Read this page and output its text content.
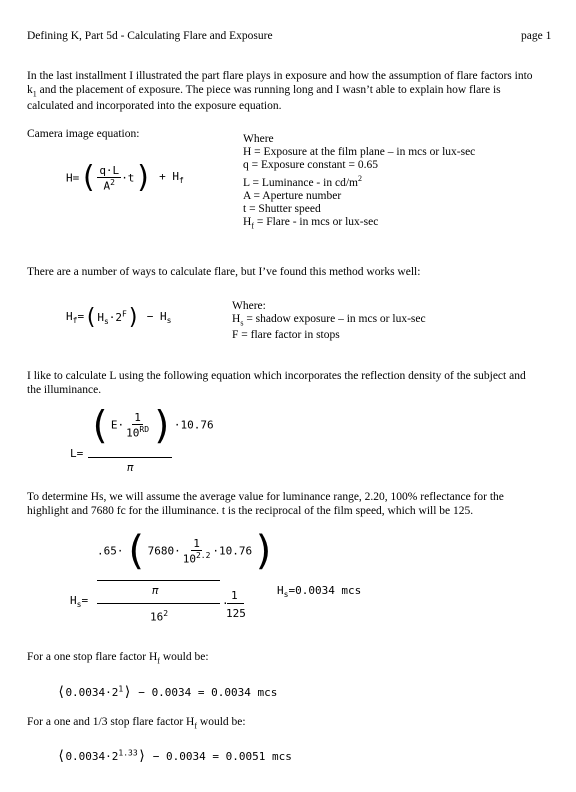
Defining K, Part 5d - Calculating Flare and Exposure	page 1
In the last installment I illustrated the part flare plays in exposure and how the assumption of flare factors into
$k_1$ and the placement of exposure. The piece was running long and I wasn’t able to explain how flare is
calculated and incorporated into the exposure equation.
Camera image equation:
$H=( \frac{q\cdot L}{A^2} \cdot t) + H_f$
Where
H = Exposure at the film plane – in mcs or lux-sec
q = Exposure constant = 0.65
L = Luminance - in $cd/m^2$
A = Aperture number
t = Shutter speed
$H_f$ = Flare - in mcs or lux-sec
There are a number of ways to calculate flare, but I’ve found this method works well:
$H_f=(H_s\cdot 2^F) - H_s$
Where:
$H_s$ = shadow exposure – in mcs or lux-sec
F = flare factor in stops
I like to calculate L using the following equation which incorporates the reflection density of the subject and
the illuminance.
L=
$(E\cdot \frac{1}{10^{RD}} )\cdot 10.76$
π
To determine Hs, we will assume the average value for luminance range, 2.20, 100% reflectance for the
highlight and 7680 fc for the illuminance. t is the reciprocal of the film speed, which will be 125.
$.65\cdot(7680\cdot \frac{1}{10^{2.2}} \cdot 10.76)$
π
$H_s=$
$16^2$
·
1
125
$H_s=0.0034$ mcs
For a one stop flare factor $H_f$ would be:
$⟨0.0034\cdot 2^1⟩ - 0.0034 = 0.0034$ mcs
For a one and 1/3 stop flare factor $H_f$ would be:
$⟨0.0034\cdot 2^{1.33}⟩ - 0.0034 = 0.0051$ mcs
